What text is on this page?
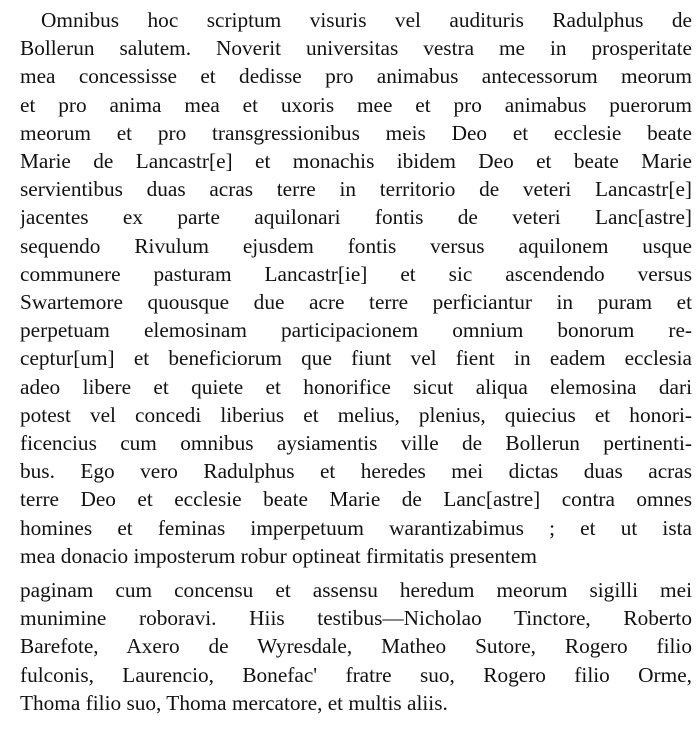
Omnibus hoc scriptum visuris vel audituris Radulphus de
Bollerun salutem. Noverit universitas vestra me in prosperitate
mea concessisse et dedisse pro animabus antecessorum meorum
et pro anima mea et uxoris mee et pro animabus puerorum
meorum et pro transgressionibus meis Deo et ecclesie beate
Marie de Lancastr[e] et monachis ibidem Deo et beate Marie
servientibus duas acras terre in territorio de veteri Lancastr[e]
jacentes ex parte aquilonari fontis de veteri Lanc[astre]
sequendo Rivulum ejusdem fontis versus aquilonem usque
communere pasturam Lancastr[ie] et sic ascendendo versus
Swartemore quousque due acre terre perficiantur in puram et
perpetuam elemosinam participacionem omnium bonorum re-
ceptur[um] et beneficiorum que fiunt vel fient in eadem ecclesia
adeo libere et quiete et honorifice sicut aliqua elemosina dari
potest vel concedi liberius et melius, plenius, quiecius et honori-
ficencius cum omnibus aysiamentis ville de Bollerun pertinenti-
bus. Ego vero Radulphus et heredes mei dictas duas acras
terre Deo et ecclesie beate Marie de Lanc[astre] contra omnes
homines et feminas imperpetuum warantizabimus ; et ut ista
mea donacio imposterum robur optineat firmitatis presentem

paginam cum concensu et assensu heredum meorum sigilli mei
munimine roboravi. Hiis testibus—Nicholao Tinctore, Roberto
Barefote, Axero de Wyresdale, Matheo Sutore, Rogero filio
fulconis, Laurencio, Bonefac' fratre suo, Rogero filio Orme,
Thoma filio suo, Thoma mercatore, et multis aliis.
